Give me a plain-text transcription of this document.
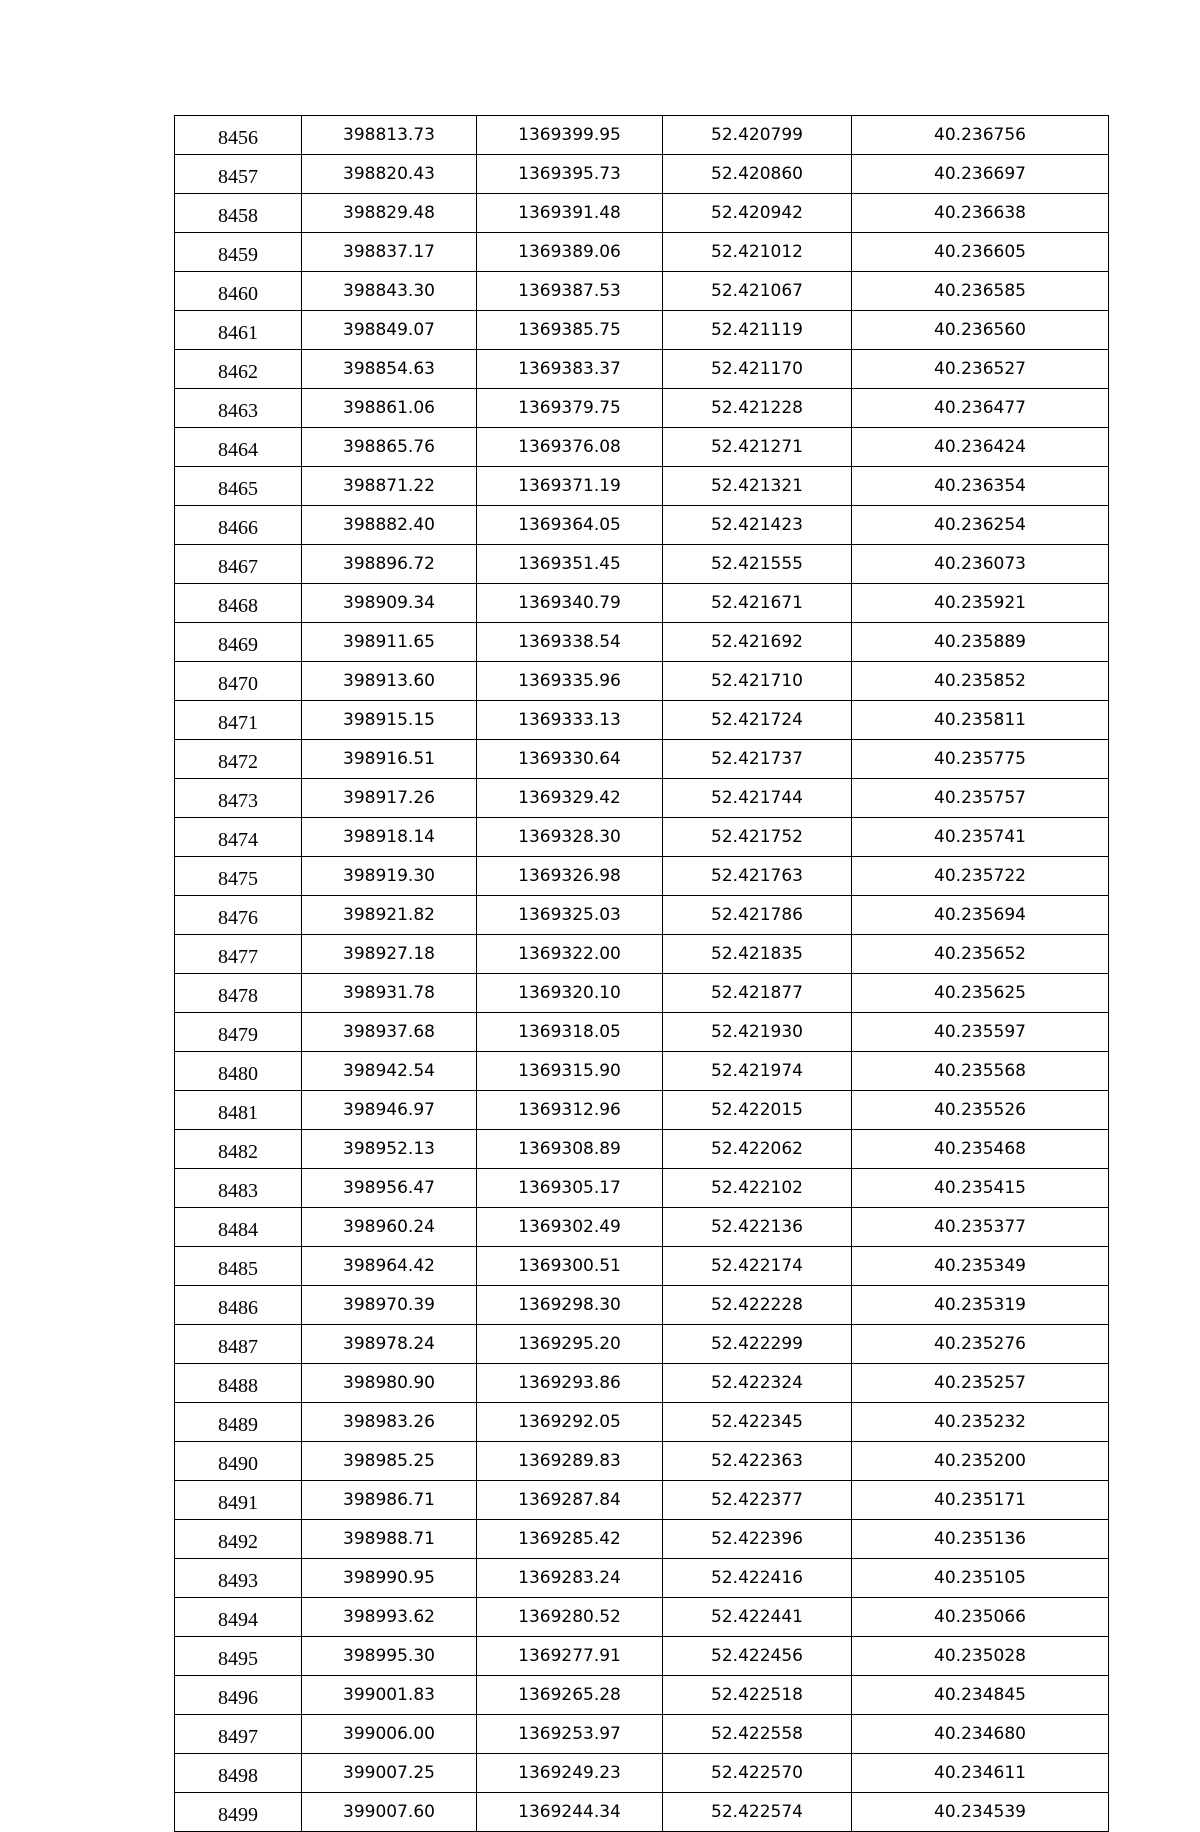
8456	398813.73	1369399.95	52.420799	40.236756
8457	398820.43	1369395.73	52.420860	40.236697
8458	398829.48	1369391.48	52.420942	40.236638
8459	398837.17	1369389.06	52.421012	40.236605
8460	398843.30	1369387.53	52.421067	40.236585
8461	398849.07	1369385.75	52.421119	40.236560
8462	398854.63	1369383.37	52.421170	40.236527
8463	398861.06	1369379.75	52.421228	40.236477
8464	398865.76	1369376.08	52.421271	40.236424
8465	398871.22	1369371.19	52.421321	40.236354
8466	398882.40	1369364.05	52.421423	40.236254
8467	398896.72	1369351.45	52.421555	40.236073
8468	398909.34	1369340.79	52.421671	40.235921
8469	398911.65	1369338.54	52.421692	40.235889
8470	398913.60	1369335.96	52.421710	40.235852
8471	398915.15	1369333.13	52.421724	40.235811
8472	398916.51	1369330.64	52.421737	40.235775
8473	398917.26	1369329.42	52.421744	40.235757
8474	398918.14	1369328.30	52.421752	40.235741
8475	398919.30	1369326.98	52.421763	40.235722
8476	398921.82	1369325.03	52.421786	40.235694
8477	398927.18	1369322.00	52.421835	40.235652
8478	398931.78	1369320.10	52.421877	40.235625
8479	398937.68	1369318.05	52.421930	40.235597
8480	398942.54	1369315.90	52.421974	40.235568
8481	398946.97	1369312.96	52.422015	40.235526
8482	398952.13	1369308.89	52.422062	40.235468
8483	398956.47	1369305.17	52.422102	40.235415
8484	398960.24	1369302.49	52.422136	40.235377
8485	398964.42	1369300.51	52.422174	40.235349
8486	398970.39	1369298.30	52.422228	40.235319
8487	398978.24	1369295.20	52.422299	40.235276
8488	398980.90	1369293.86	52.422324	40.235257
8489	398983.26	1369292.05	52.422345	40.235232
8490	398985.25	1369289.83	52.422363	40.235200
8491	398986.71	1369287.84	52.422377	40.235171
8492	398988.71	1369285.42	52.422396	40.235136
8493	398990.95	1369283.24	52.422416	40.235105
8494	398993.62	1369280.52	52.422441	40.235066
8495	398995.30	1369277.91	52.422456	40.235028
8496	399001.83	1369265.28	52.422518	40.234845
8497	399006.00	1369253.97	52.422558	40.234680
8498	399007.25	1369249.23	52.422570	40.234611
8499	399007.60	1369244.34	52.422574	40.234539
